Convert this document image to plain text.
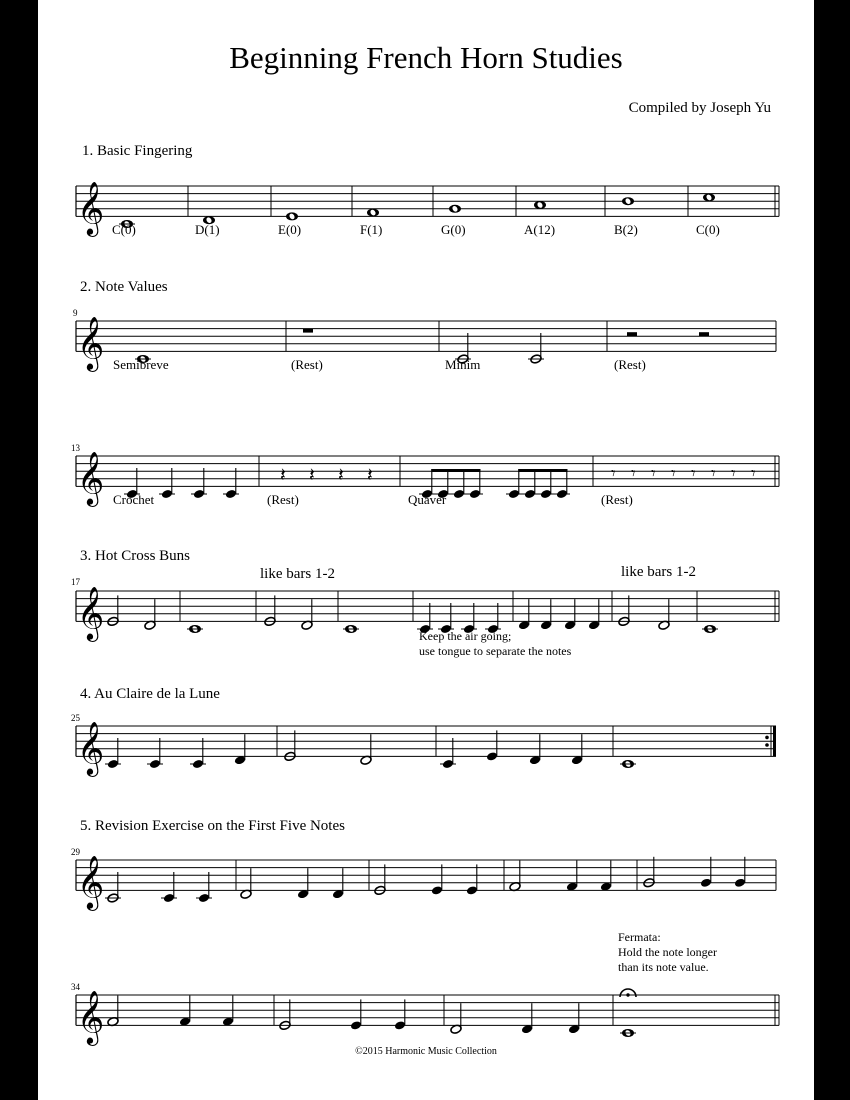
𝄞
𝄞
𝄞	𝄽 𝄽 𝄽 𝄽	𝄾 𝄾 𝄾 𝄾 𝄾 𝄾 𝄾 𝄾
𝄞
𝄞
𝄞
𝄞
Beginning French Horn Studies
Compiled by Joseph Yu
1. Basic Fingering
2. Note Values
3. Hot Cross Buns
4. Au Claire de la Lune
5. Revision Exercise on the First Five Notes
9
13
17
25
29
34
C(0)	D(1)	E(0)	F(1)	G(0)	A(12)	B(2)	C(0)
Semibreve	(Rest)	Minim	(Rest)
Crochet	(Rest)	Quaver	(Rest)
like bars 1-2	like bars 1-2
Keep the air going;
use tongue to separate the notes
Fermata:
Hold the note longer
than its note value.
©2015 Harmonic Music Collection
